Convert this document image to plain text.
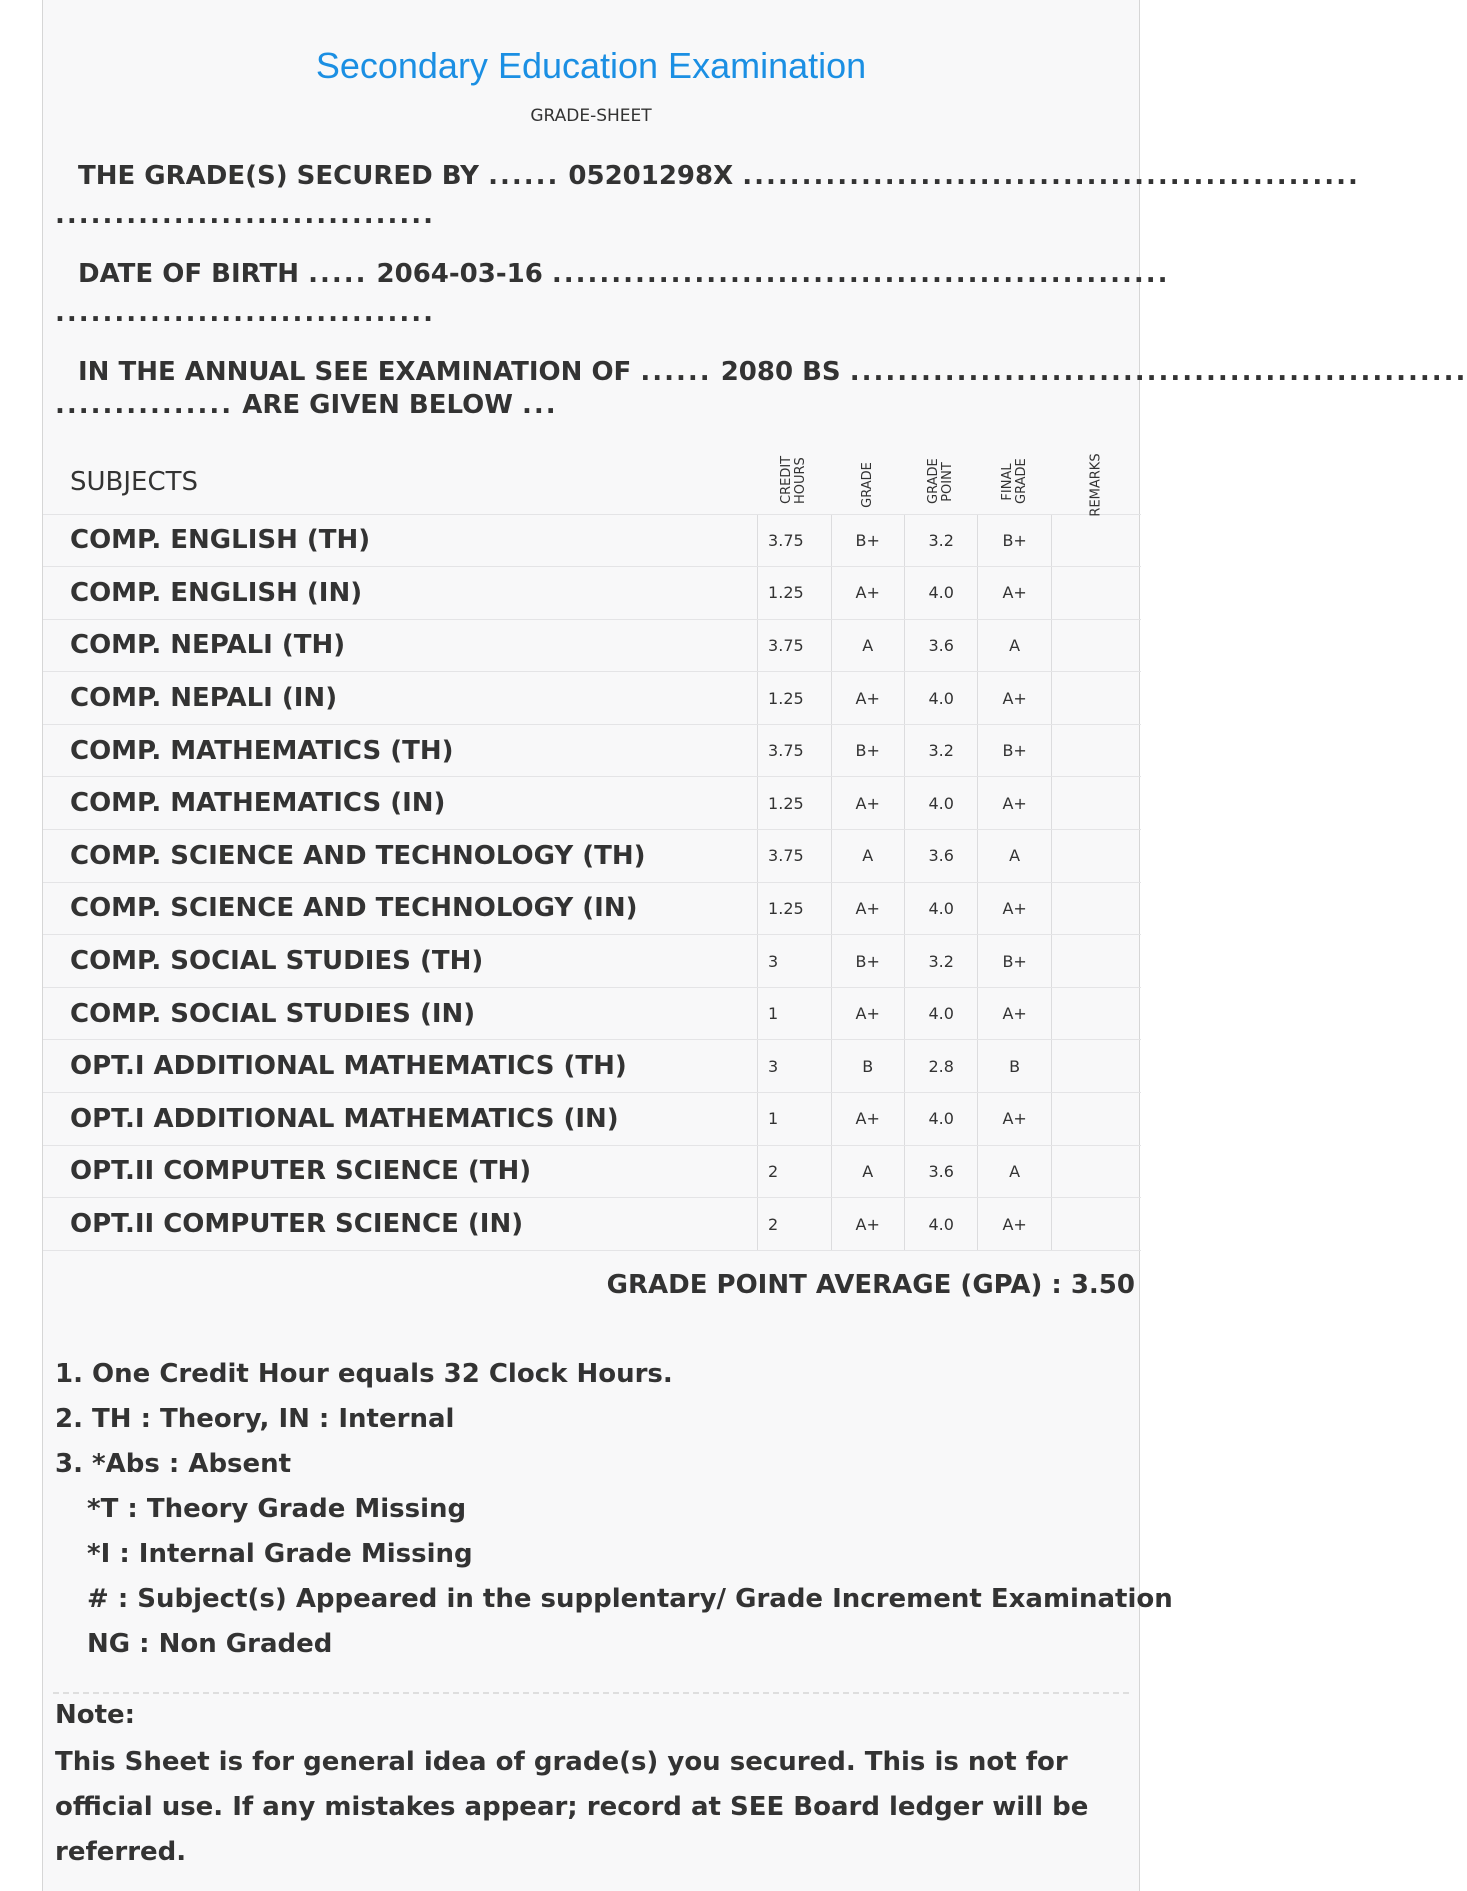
Secondary Education Examination
GRADE-SHEET
THE GRADE(S) SECURED BY ...... 05201298X ....................................................
................................
DATE OF BIRTH ..... 2064-03-16 ....................................................
................................
IN THE ANNUAL SEE EXAMINATION OF ...... 2080 BS ....................................................
............... ARE GIVEN BELOW ...
SUBJECTS	CREDIT HOURS	GRADE	GRADE POINT	FINAL GRADE	REMARKS
COMP. ENGLISH (TH)	3.75	B+	3.2	B+	
COMP. ENGLISH (IN)	1.25	A+	4.0	A+	
COMP. NEPALI (TH)	3.75	A	3.6	A	
COMP. NEPALI (IN)	1.25	A+	4.0	A+	
COMP. MATHEMATICS (TH)	3.75	B+	3.2	B+	
COMP. MATHEMATICS (IN)	1.25	A+	4.0	A+	
COMP. SCIENCE AND TECHNOLOGY (TH)	3.75	A	3.6	A	
COMP. SCIENCE AND TECHNOLOGY (IN)	1.25	A+	4.0	A+	
COMP. SOCIAL STUDIES (TH)	3	B+	3.2	B+	
COMP. SOCIAL STUDIES (IN)	1	A+	4.0	A+	
OPT.I ADDITIONAL MATHEMATICS (TH)	3	B	2.8	B	
OPT.I ADDITIONAL MATHEMATICS (IN)	1	A+	4.0	A+	
OPT.II COMPUTER SCIENCE (TH)	2	A	3.6	A	
OPT.II COMPUTER SCIENCE (IN)	2	A+	4.0	A+	
GRADE POINT AVERAGE (GPA) : 3.50
1. One Credit Hour equals 32 Clock Hours.
2. TH : Theory, IN : Internal
3. *Abs : Absent
*T : Theory Grade Missing
*I : Internal Grade Missing
# : Subject(s) Appeared in the supplentary/ Grade Increment Examination
NG : Non Graded
Note:
This Sheet is for general idea of grade(s) you secured. This is not for official use. If any mistakes appear; record at SEE Board ledger will be referred.
